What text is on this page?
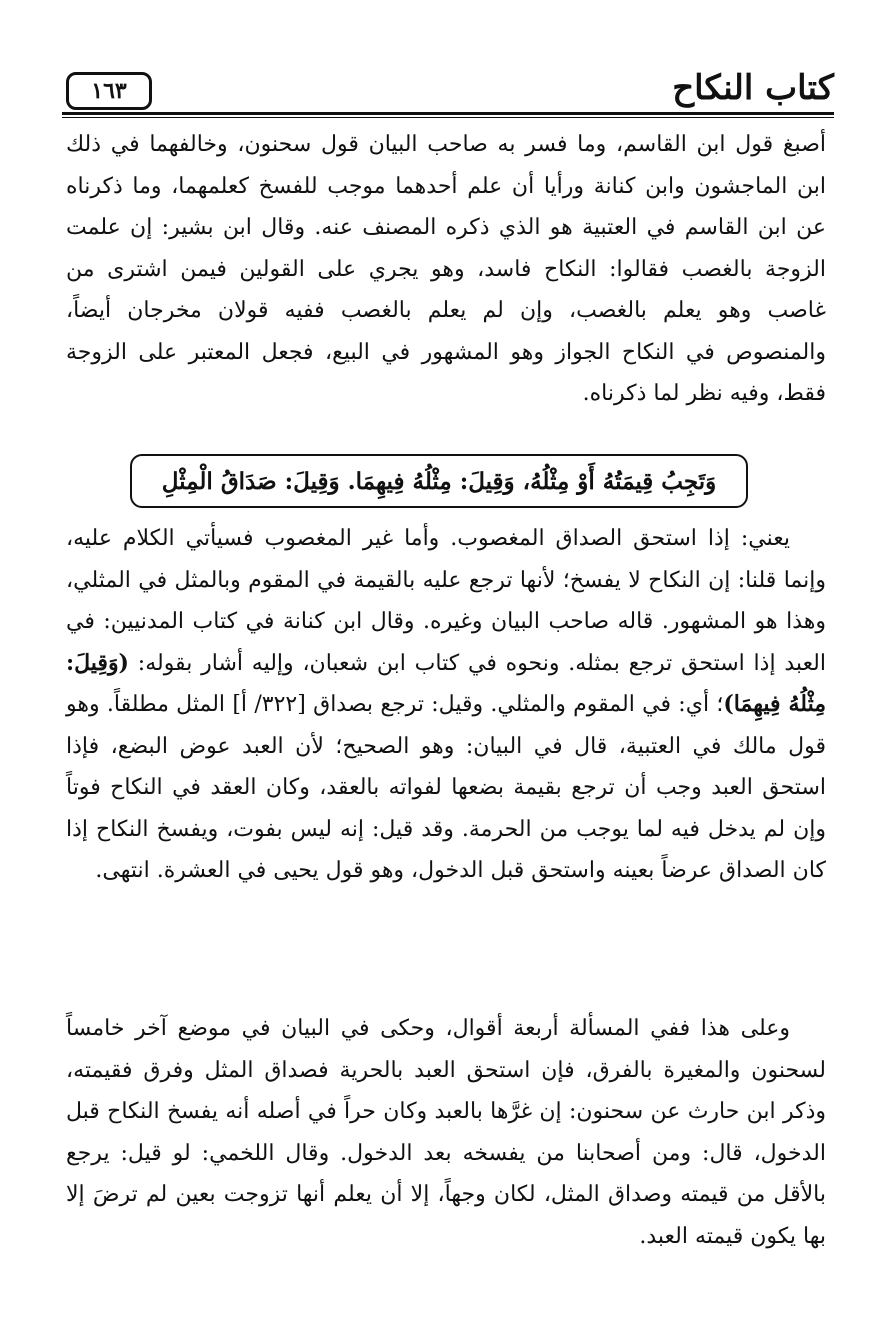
كتاب النكاح
١٦٣
أصبغ قول ابن القاسم، وما فسر به صاحب البيان قول سحنون، وخالفهما في ذلك ابن الماجشون وابن كنانة ورأيا أن علم أحدهما موجب للفسخ كعلمهما، وما ذكرناه عن ابن القاسم في العتبية هو الذي ذكره المصنف عنه. وقال ابن بشير: إن علمت الزوجة بالغصب فقالوا: النكاح فاسد، وهو يجري على القولين فيمن اشترى من غاصب وهو يعلم بالغصب، وإن لم يعلم بالغصب ففيه قولان مخرجان أيضاً، والمنصوص في النكاح الجواز وهو المشهور في البيع، فجعل المعتبر على الزوجة فقط، وفيه نظر لما ذكرناه.
وَتَجِبُ قِيمَتُهُ أَوْ مِثْلُهُ، وَقِيلَ: مِثْلُهُ فِيهِمَا. وَقِيلَ: صَدَاقُ الْمِثْلِ
يعني: إذا استحق الصداق المغصوب. وأما غير المغصوب فسيأتي الكلام عليه، وإنما قلنا: إن النكاح لا يفسخ؛ لأنها ترجع عليه بالقيمة في المقوم وبالمثل في المثلي، وهذا هو المشهور. قاله صاحب البيان وغيره. وقال ابن كنانة في كتاب المدنيين: في العبد إذا استحق ترجع بمثله. ونحوه في كتاب ابن شعبان، وإليه أشار بقوله: (وَقِيلَ: مِثْلُهُ فِيهِمَا)؛ أي: في المقوم والمثلي. وقيل: ترجع بصداق [٣٢٢/ أ] المثل مطلقاً. وهو قول مالك في العتبية، قال في البيان: وهو الصحيح؛ لأن العبد عوض البضع، فإذا استحق العبد وجب أن ترجع بقيمة بضعها لفواته بالعقد، وكان العقد في النكاح فوتاً وإن لم يدخل فيه لما يوجب من الحرمة. وقد قيل: إنه ليس بفوت، ويفسخ النكاح إذا كان الصداق عرضاً بعينه واستحق قبل الدخول، وهو قول يحيى في العشرة. انتهى.
وعلى هذا ففي المسألة أربعة أقوال، وحكى في البيان في موضع آخر خامساً لسحنون والمغيرة بالفرق، فإن استحق العبد بالحرية فصداق المثل وفرق فقيمته، وذكر ابن حارث عن سحنون: إن غرَّها بالعبد وكان حراً في أصله أنه يفسخ النكاح قبل الدخول، قال: ومن أصحابنا من يفسخه بعد الدخول. وقال اللخمي: لو قيل: يرجع بالأقل من قيمته وصداق المثل، لكان وجهاً، إلا أن يعلم أنها تزوجت بعين لم ترضَ إلا بها يكون قيمته العبد.
